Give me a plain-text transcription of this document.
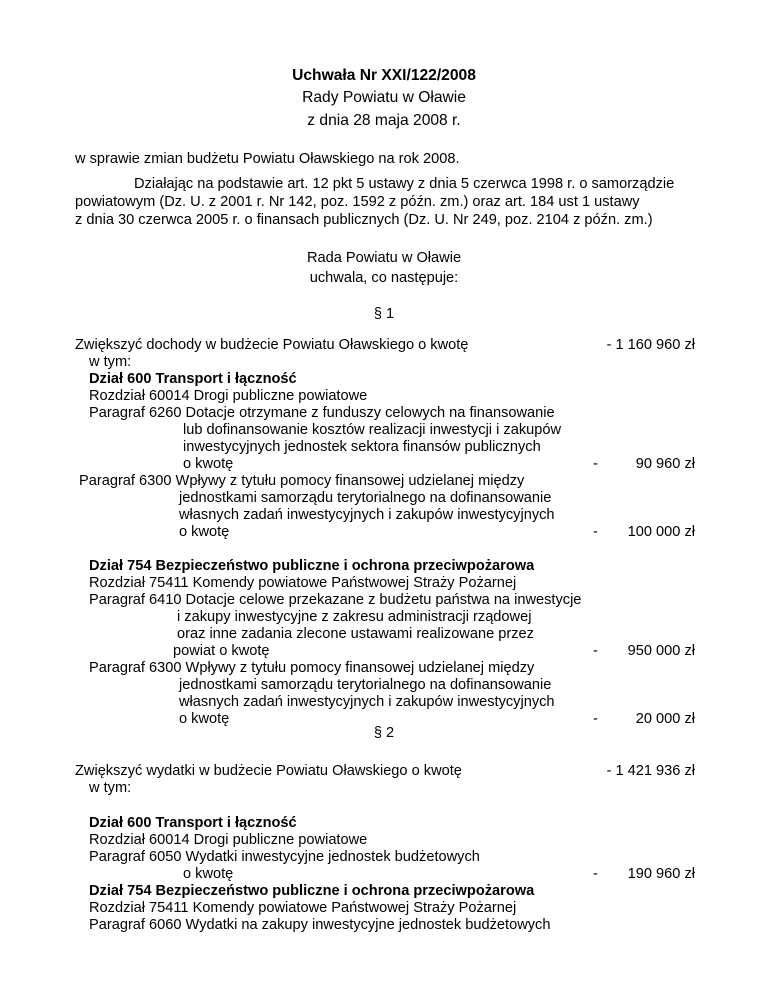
Uchwała Nr XXI/122/2008
Rady Powiatu w Oławie
z dnia 28 maja 2008 r.
w sprawie zmian budżetu Powiatu Oławskiego na rok 2008.
Działając na podstawie art. 12 pkt 5 ustawy z dnia 5 czerwca 1998 r. o samorządzie
powiatowym (Dz. U. z 2001 r. Nr 142, poz. 1592 z późn. zm.) oraz art. 184 ust 1 ustawy
z dnia 30 czerwca 2005 r. o finansach publicznych (Dz. U. Nr 249, poz. 2104 z późn. zm.)
Rada Powiatu w Oławie
uchwala, co następuje:
§ 1
Zwiększyć dochody w budżecie Powiatu Oławskiego o kwotę	- 1 160 960 zł
w tym:
Dział 600 Transport i łączność
Rozdział 60014 Drogi publiczne powiatowe
Paragraf 6260 Dotacje otrzymane z funduszy celowych na finansowanie
lub dofinansowanie kosztów realizacji inwestycji i zakupów
inwestycyjnych jednostek sektora finansów publicznych
o kwotę	-	90 960 zł
Paragraf 6300 Wpływy z tytułu pomocy finansowej udzielanej między
jednostkami samorządu terytorialnego na dofinansowanie
własnych zadań inwestycyjnych i zakupów inwestycyjnych
o kwotę	- 100 000 zł
Dział 754 Bezpieczeństwo publiczne i ochrona przeciwpożarowa
Rozdział 75411 Komendy powiatowe Państwowej Straży Pożarnej
Paragraf 6410 Dotacje celowe przekazane z budżetu państwa na inwestycje
i zakupy inwestycyjne z zakresu administracji rządowej
oraz inne zadania zlecone ustawami realizowane przez
powiat o kwotę	- 950 000 zł
Paragraf 6300 Wpływy z tytułu pomocy finansowej udzielanej między
jednostkami samorządu terytorialnego na dofinansowanie
własnych zadań inwestycyjnych i zakupów inwestycyjnych
o kwotę	-	20 000 zł
§ 2
Zwiększyć wydatki w budżecie Powiatu Oławskiego o kwotę	- 1 421 936 zł
w tym:
Dział 600 Transport i łączność
Rozdział 60014 Drogi publiczne powiatowe
Paragraf 6050 Wydatki inwestycyjne jednostek budżetowych
o kwotę	- 190 960 zł
Dział 754 Bezpieczeństwo publiczne i ochrona przeciwpożarowa
Rozdział 75411 Komendy powiatowe Państwowej Straży Pożarnej
Paragraf 6060 Wydatki na zakupy inwestycyjne jednostek budżetowych
